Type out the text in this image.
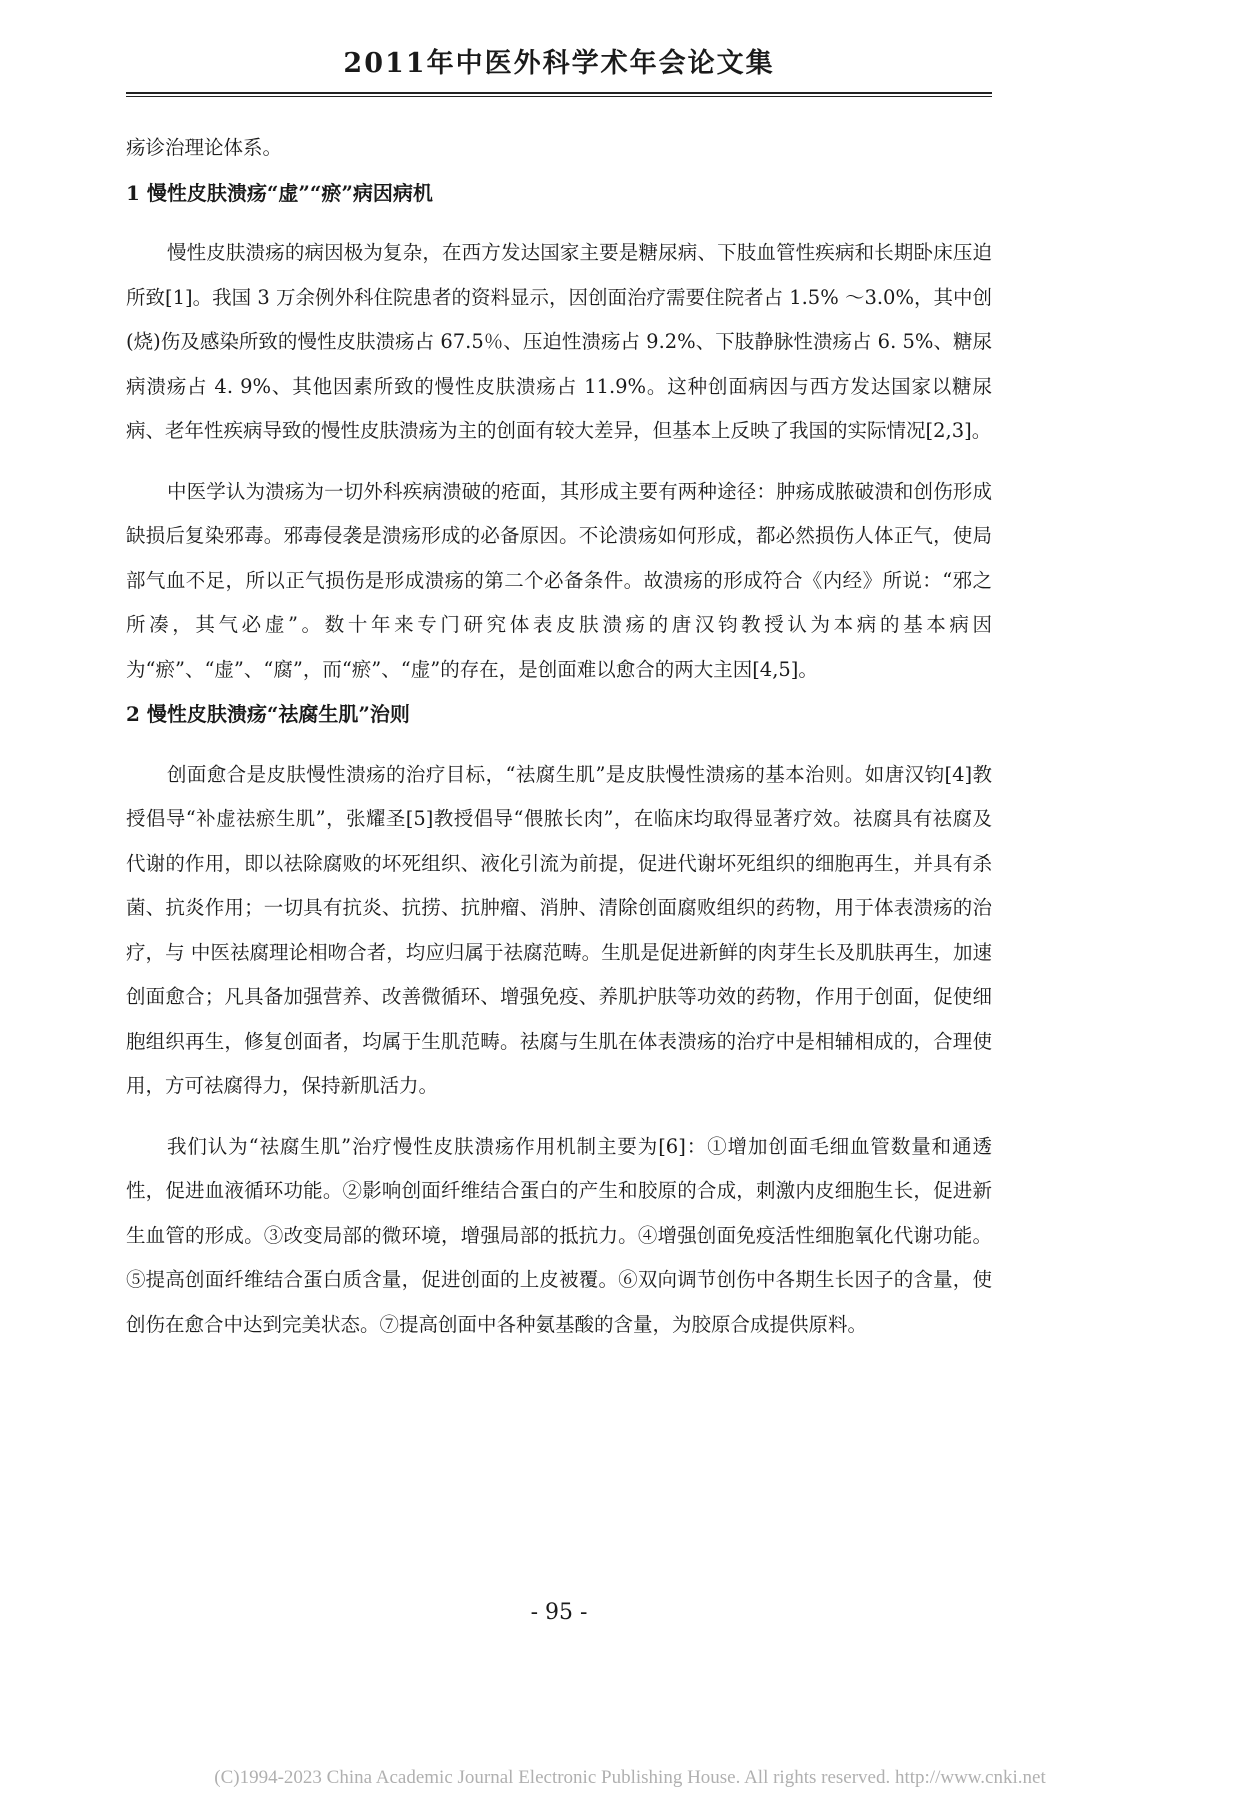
2011年中医外科学术年会论文集

疡诊治理论体系。

1 慢性皮肤溃疡“虚”“瘀”病因病机

慢性皮肤溃疡的病因极为复杂，在西方发达国家主要是糖尿病、下肢血管性疾病和长期卧床压迫所致[1]。我国 3 万余例外科住院患者的资料显示，因创面治疗需要住院者占 1.5% ～3.0%，其中创(烧)伤及感染所致的慢性皮肤溃疡占 67.5％、压迫性溃疡占 9.2%、下肢静脉性溃疡占 6. 5%、糖尿病溃疡占 4. 9%、其他因素所致的慢性皮肤溃疡占 11.9%。这种创面病因与西方发达国家以糖尿病、老年性疾病导致的慢性皮肤溃疡为主的创面有较大差异，但基本上反映了我国的实际情况[2,3]。

中医学认为溃疡为一切外科疾病溃破的疮面，其形成主要有两种途径：肿疡成脓破溃和创伤形成缺损后复染邪毒。邪毒侵袭是溃疡形成的必备原因。不论溃疡如何形成，都必然损伤人体正气，使局部气血不足，所以正气损伤是形成溃疡的第二个必备条件。故溃疡的形成符合《内经》所说：“邪之所凑，其气必虚”。数十年来专门研究体表皮肤溃疡的唐汉钧教授认为本病的基本病因为“瘀”、“虚”、“腐”，而“瘀”、“虚”的存在，是创面难以愈合的两大主因[4,5]。

2 慢性皮肤溃疡“祛腐生肌”治则

创面愈合是皮肤慢性溃疡的治疗目标，“祛腐生肌”是皮肤慢性溃疡的基本治则。如唐汉钧[4]教授倡导“补虚祛瘀生肌”，张耀圣[5]教授倡导“偎脓长肉”，在临床均取得显著疗效。祛腐具有祛腐及代谢的作用，即以祛除腐败的坏死组织、液化引流为前提，促进代谢坏死组织的细胞再生，并具有杀菌、抗炎作用；一切具有抗炎、抗捞、抗肿瘤、消肿、清除创面腐败组织的药物，用于体表溃疡的治疗，与 中医祛腐理论相吻合者，均应归属于祛腐范畴。生肌是促进新鲜的肉芽生长及肌肤再生，加速创面愈合；凡具备加强营养、改善微循环、增强免疫、养肌护肤等功效的药物，作用于创面，促使细胞组织再生，修复创面者，均属于生肌范畴。祛腐与生肌在体表溃疡的治疗中是相辅相成的，合理使用，方可祛腐得力，保持新肌活力。

我们认为“祛腐生肌”治疗慢性皮肤溃疡作用机制主要为[6]：①增加创面毛细血管数量和通透性，促进血液循环功能。②影响创面纤维结合蛋白的产生和胶原的合成，刺激内皮细胞生长，促进新生血管的形成。③改变局部的微环境，增强局部的抵抗力。④增强创面免疫活性细胞氧化代谢功能。⑤提高创面纤维结合蛋白质含量，促进创面的上皮被覆。⑥双向调节创伤中各期生长因子的含量，使创伤在愈合中达到完美状态。⑦提高创面中各种氨基酸的含量，为胶原合成提供原料。

- 95 -
(C)1994-2023 China Academic Journal Electronic Publishing House. All rights reserved. http://www.cnki.net
